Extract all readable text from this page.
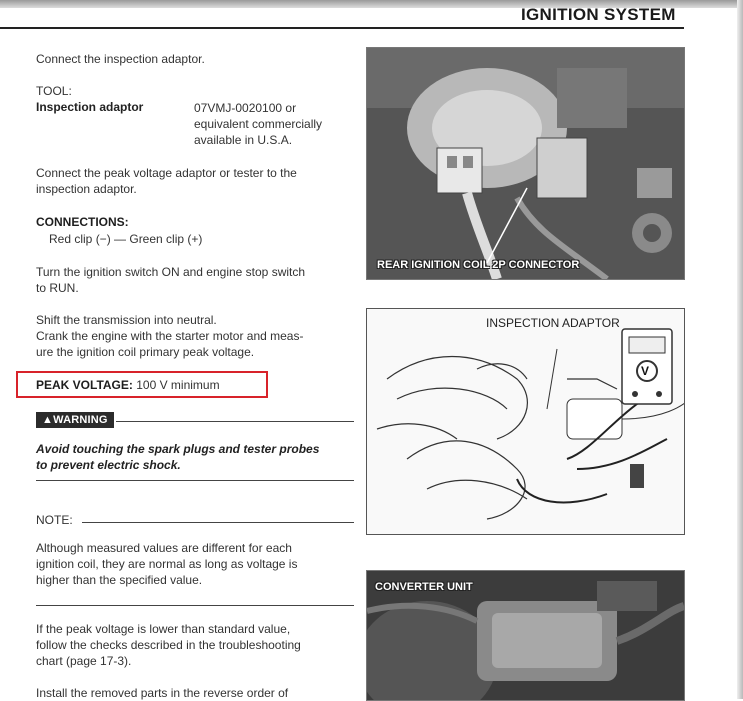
IGNITION SYSTEM
Connect the inspection adaptor.
TOOL:
Inspection adaptor	07VMJ-0020100 or
equivalent commercially
available in U.S.A.
Connect the peak voltage adaptor or tester to the
inspection adaptor.
CONNECTIONS:
Red clip (−) — Green clip (+)
Turn the ignition switch ON and engine stop switch
to RUN.
Shift the transmission into neutral.
Crank the engine with the starter motor and meas-
ure the ignition coil primary peak voltage.
PEAK VOLTAGE: 100 V minimum
▲WARNING
Avoid touching the spark plugs and tester probes
to prevent electric shock.
NOTE:
Although measured values are different for each
ignition coil, they are normal as long as voltage is
higher than the specified value.
If the peak voltage is lower than standard value,
follow the checks described in the troubleshooting
chart (page 17-3).
Install the removed parts in the reverse order of
REAR IGNITION COIL 2P CONNECTOR
V
INSPECTION ADAPTOR
CONVERTER UNIT
